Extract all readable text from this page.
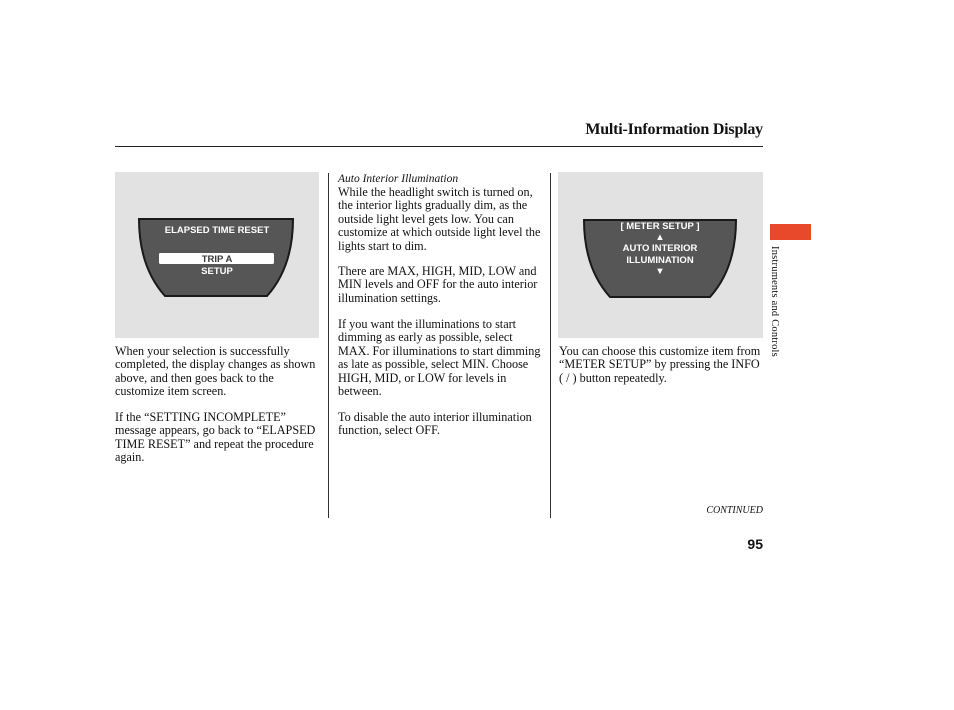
Multi-Information Display
ELAPSED TIME RESET
TRIP A
SETUP
[ METER SETUP ]
▲
AUTO INTERIOR
ILLUMINATION
▼

When your selection is successfully completed, the display changes as shown above, and then goes back to the customize item screen.

If the “SETTING INCOMPLETE” message appears, go back to “ELAPSED TIME RESET” and repeat the procedure again.

Auto Interior Illumination

While the headlight switch is turned on, the interior lights gradually dim, as the outside light level gets low. You can customize at which outside light level the lights start to dim.

There are MAX, HIGH, MID, LOW and MIN levels and OFF for the auto interior illumination settings.

If you want the illuminations to start dimming as early as possible, select MAX. For illuminations to start dimming as late as possible, select MIN. Choose HIGH, MID, or LOW for levels in between.

To disable the auto interior illumination function, select OFF.

You can choose this customize item from “METER SETUP” by pressing the INFO ( / ) button repeatedly.

Instruments and Controls
CONTINUED
95
